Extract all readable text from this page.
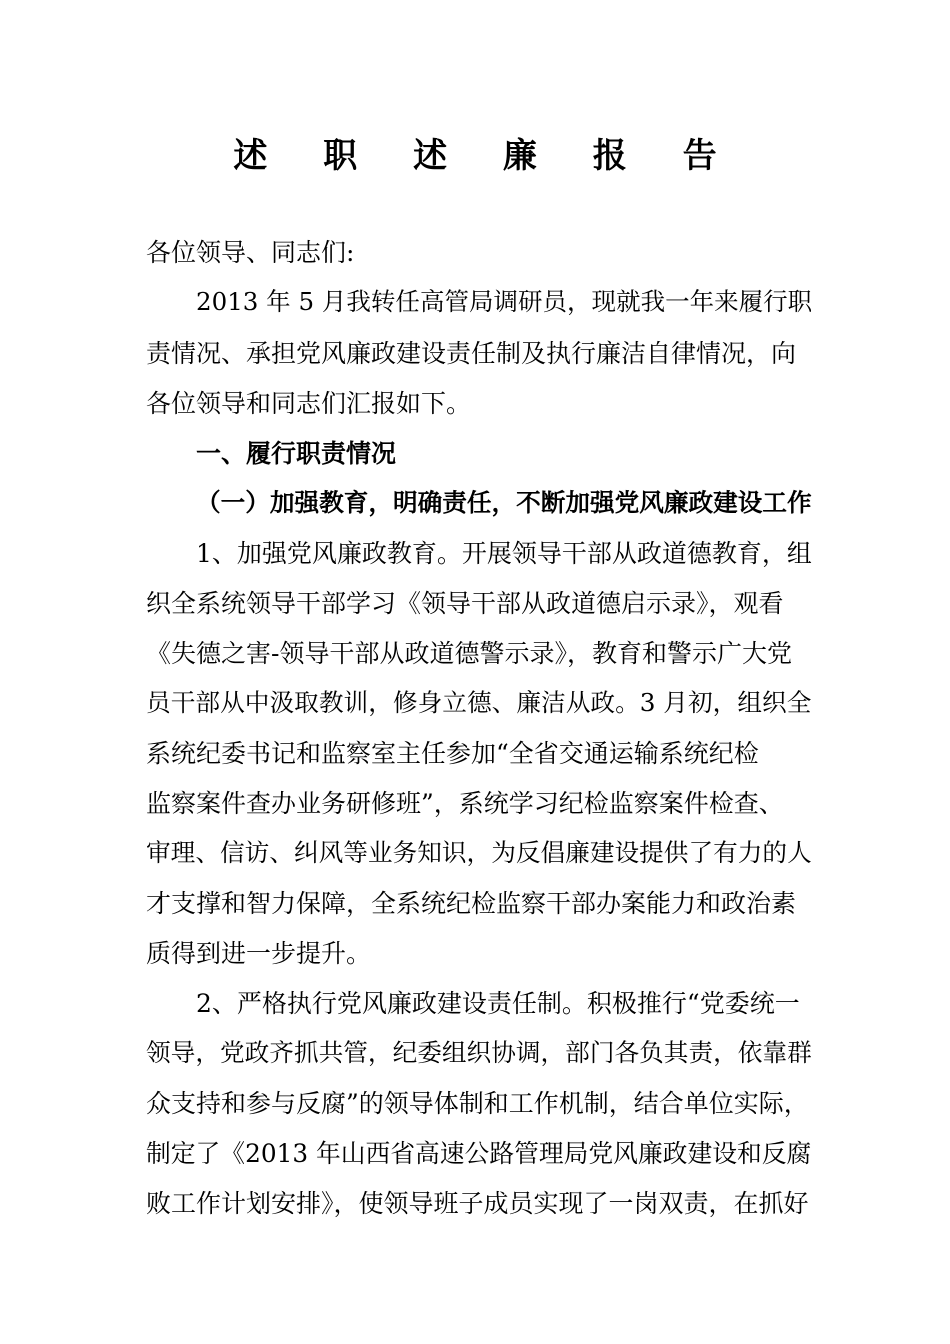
述 职 述 廉 报 告
各位领导、同志们:
2013 年 5 月我转任高管局调研员，现就我一年来履行职
责情况、承担党风廉政建设责任制及执行廉洁自律情况，向
各位领导和同志们汇报如下。
一、履行职责情况
（一）加强教育，明确责任，不断加强党风廉政建设工作
1、加强党风廉政教育。开展领导干部从政道德教育，组
织全系统领导干部学习《领导干部从政道德启示录》，观看
《失德之害-领导干部从政道德警示录》，教育和警示广大党
员干部从中汲取教训，修身立德、廉洁从政。3 月初，组织全
系统纪委书记和监察室主任参加“全省交通运输系统纪检
监察案件查办业务研修班”，系统学习纪检监察案件检查、
审理、信访、纠风等业务知识，为反倡廉建设提供了有力的人
才支撑和智力保障，全系统纪检监察干部办案能力和政治素
质得到进一步提升。
2、严格执行党风廉政建设责任制。积极推行“党委统一
领导，党政齐抓共管，纪委组织协调，部门各负其责，依靠群
众支持和参与反腐”的领导体制和工作机制，结合单位实际，
制定了《2013 年山西省高速公路管理局党风廉政建设和反腐
败工作计划安排》，使领导班子成员实现了一岗双责，在抓好
